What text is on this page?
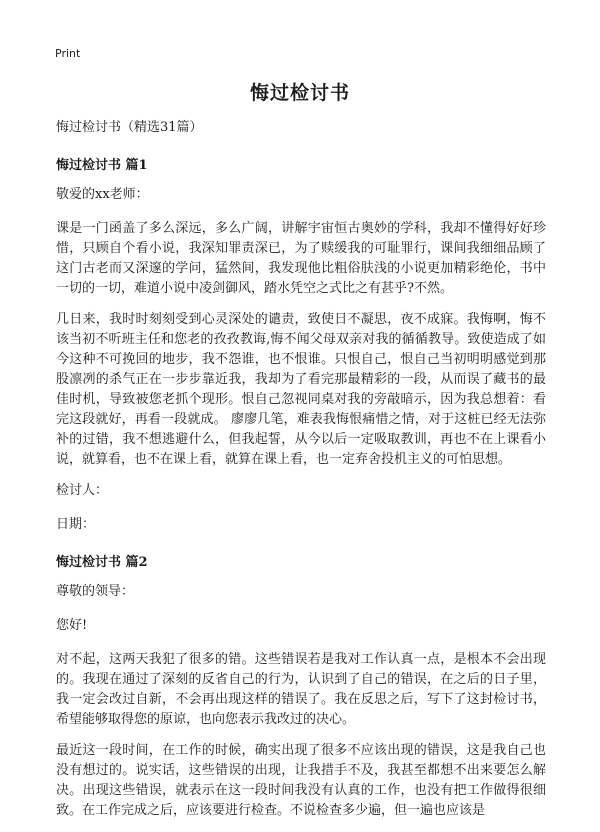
Print
悔过检讨书

悔过检讨书（精选31篇）

悔过检讨书 篇1

敬爱的xx老师：

课是一门函盖了多么深远，多么广阔，讲解宇宙恒古奥妙的学科，我却不懂得好好珍惜，只顾自个看小说，我深知罪责深已，为了赎缓我的可耻罪行，课间我细细品顾了这门古老而又深邃的学问，猛然间，我发现他比粗俗肤浅的小说更加精彩绝伦，书中一切的一切，难道小说中凌剑御风，踏水凭空之式比之有甚乎?不然。

几日来，我时时刻刻受到心灵深处的谴责，致使日不凝思，夜不成寐。我悔啊，悔不该当初不听班主任和您老的孜孜教诲,悔不闻父母双亲对我的循循教导。致使造成了如今这种不可挽回的地步，我不怨谁，也不恨谁。只恨自己，恨自己当初明明感觉到那股凛冽的杀气正在一步步靠近我，我却为了看完那最精彩的一段，从而误了藏书的最佳时机，导致被您老抓个现形。恨自己忽视同桌对我的旁敲暗示，因为我总想着：看完这段就好，再看一段就成。 廖廖几笔，难表我悔恨痛惜之情，对于这桩已经无法弥补的过错，我不想逃避什么，但我起誓，从今以后一定吸取教训，再也不在上课看小说，就算看，也不在课上看，就算在课上看，也一定弃舍投机主义的可怕思想。

检讨人：

日期：

悔过检讨书 篇2

尊敬的领导：

您好!

对不起，这两天我犯了很多的错。这些错误若是我对工作认真一点，是根本不会出现的。我现在通过了深刻的反省自己的行为，认识到了自己的错误，在之后的日子里，我一定会改过自新，不会再出现这样的错误了。我在反思之后，写下了这封检讨书，希望能够取得您的原谅，也向您表示我改过的决心。

最近这一段时间，在工作的时候，确实出现了很多不应该出现的错误，这是我自己也没有想过的。说实话，这些错误的出现，让我措手不及，我甚至都想不出来要怎么解决。出现这些错误，就表示在这一段时间我没有认真的工作，也没有把工作做得很细致。在工作完成之后，应该要进行检查。不说检查多少遍，但一遍也应该是
